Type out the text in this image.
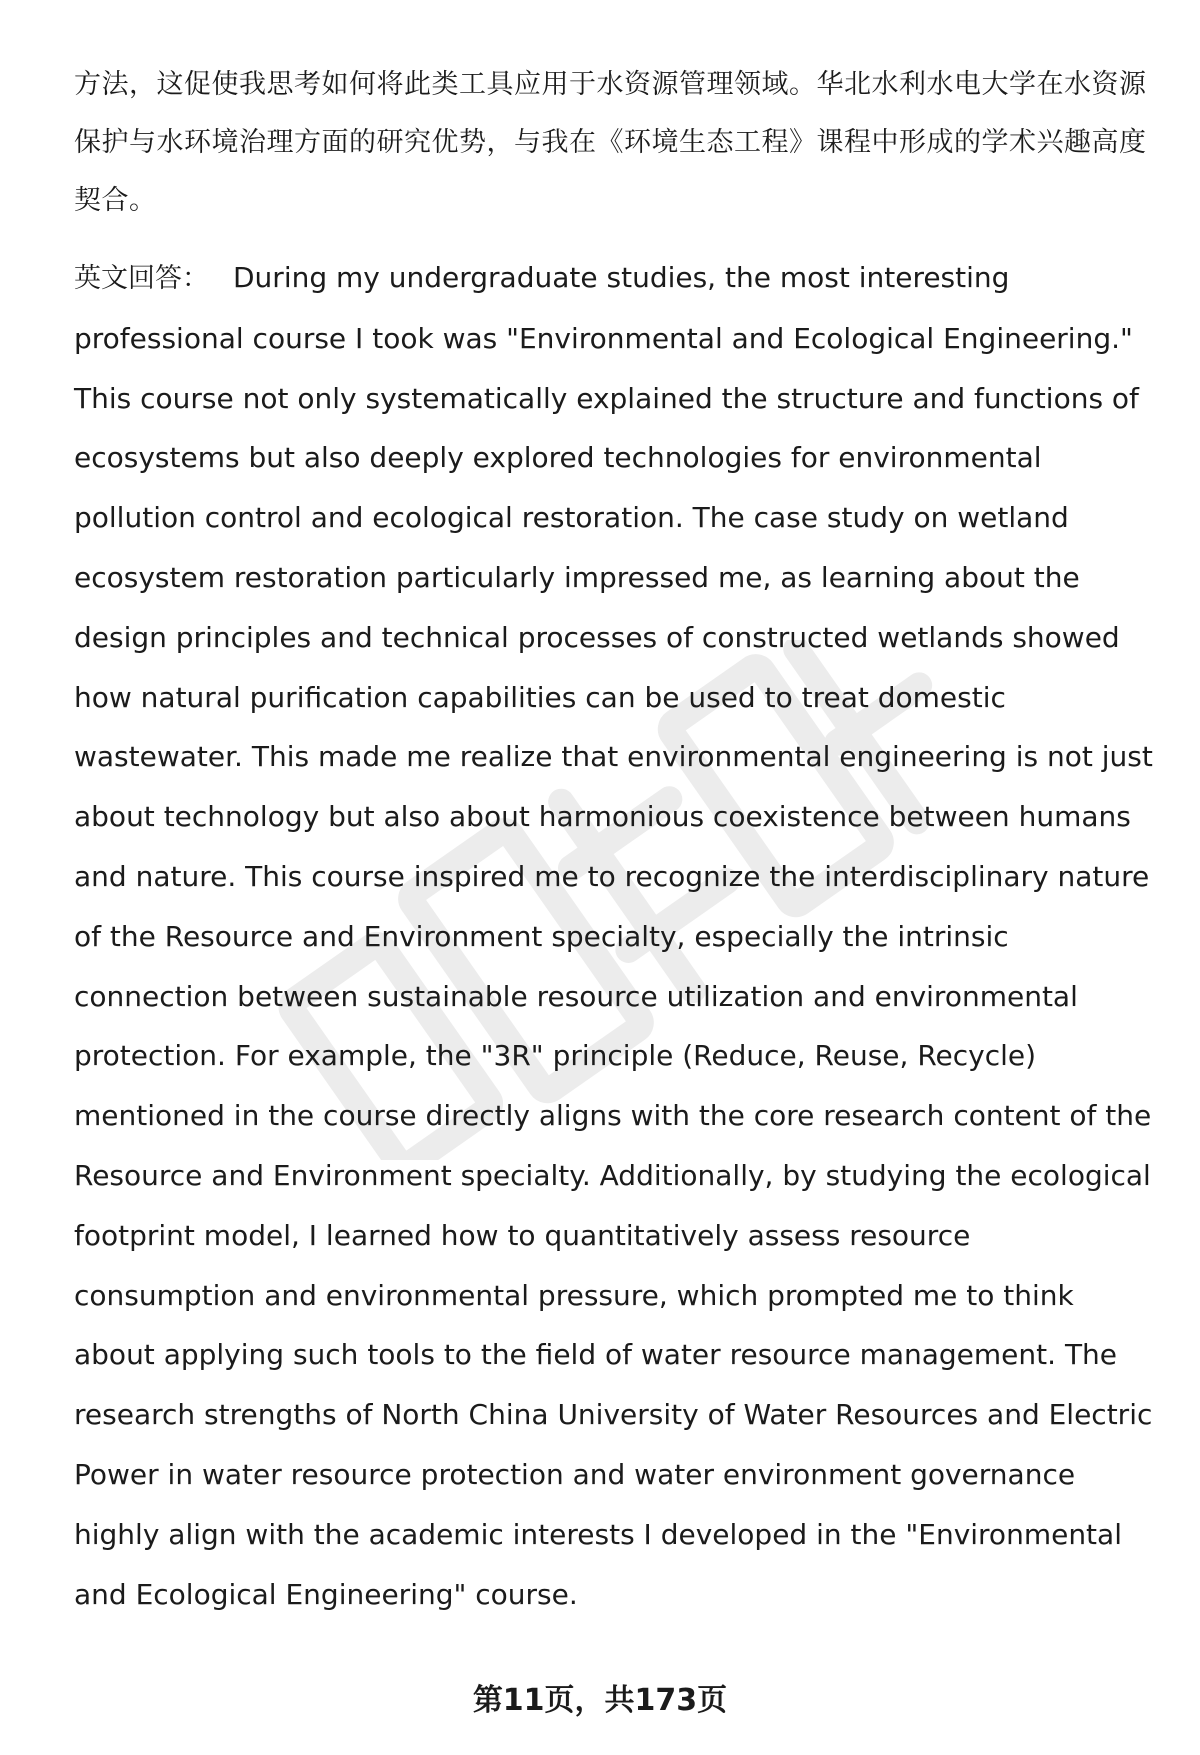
方法，这促使我思考如何将此类工具应用于水资源管理领域。华北水利水电大学在水资源保护与水环境治理方面的研究优势，与我在《环境生态工程》课程中形成的学术兴趣高度契合。

英文回答： During my undergraduate studies, the most interesting professional course I took was "Environmental and Ecological Engineering." This course not only systematically explained the structure and functions of ecosystems but also deeply explored technologies for environmental pollution control and ecological restoration. The case study on wetland ecosystem restoration particularly impressed me, as learning about the design principles and technical processes of constructed wetlands showed how natural purification capabilities can be used to treat domestic wastewater. This made me realize that environmental engineering is not just about technology but also about harmonious coexistence between humans and nature. This course inspired me to recognize the interdisciplinary nature of the Resource and Environment specialty, especially the intrinsic connection between sustainable resource utilization and environmental protection. For example, the "3R" principle (Reduce, Reuse, Recycle) mentioned in the course directly aligns with the core research content of the Resource and Environment specialty. Additionally, by studying the ecological footprint model, I learned how to quantitatively assess resource consumption and environmental pressure, which prompted me to think about applying such tools to the field of water resource management. The research strengths of North China University of Water Resources and Electric Power in water resource protection and water environment governance highly align with the academic interests I developed in the "Environmental and Ecological Engineering" course.

第11页，共173页
